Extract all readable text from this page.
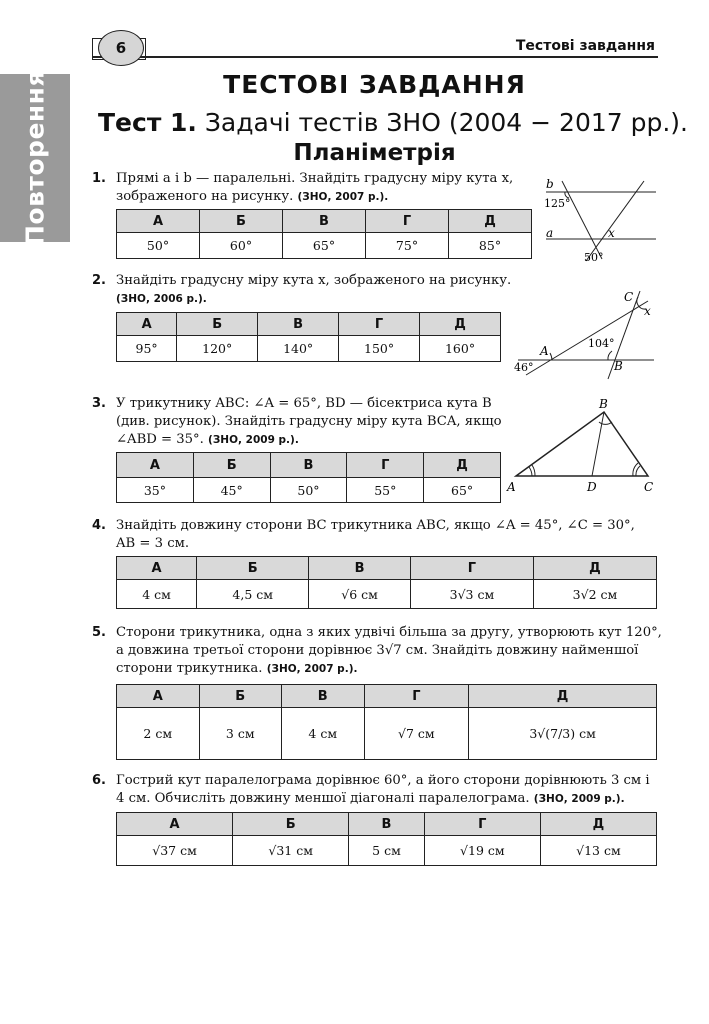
6	Тестові завдання
Повторення	ТЕСТОВІ ЗАВДАННЯ
Тест 1. Задачі тестів ЗНО (2004 − 2017 рр.).
Планіметрія
1. Прямі a і b — паралельні. Знайдіть градусну міру кута x,
зображеного на рисунку. (ЗНО, 2007 р.).
А	Б	В	Г	Д
50°	60°	65°	75°	85°
b
125°
a	x
50°
2. Знайдіть градусну міру кута x, зображеного на рисунку.
(ЗНО, 2006 р.).
А	Б	В	Г	Д
95°	120°	140°	150°	160°
C
x
104°
A
46°	B
3. У трикутнику ABC: ∠A = 65°, BD — бісектриса кута B
(див. рисунок). Знайдіть градусну міру кута BCA, якщо
∠ABD = 35°. (ЗНО, 2009 р.).
А	Б	В	Г	Д
35°	45°	50°	55°	65°
B
A	D	C
4. Знайдіть довжину сторони BC трикутника ABC, якщо ∠A = 45°, ∠C = 30°,
AB = 3 см.
А	Б	В	Г	Д
4 см	4,5 см	√6 см	3√3 см	3√2 см
5. Сторони трикутника, одна з яких удвічі більша за другу, утворюють кут 120°,
а довжина третьої сторони дорівнює 3√7 см. Знайдіть довжину найменшої
сторони трикутника. (ЗНО, 2007 р.).
А	Б	В	Г	Д
2 см	3 см	4 см	√7 см	3√(7/3) см
6. Гострий кут паралелограма дорівнює 60°, а його сторони дорівнюють 3 см і
4 см. Обчисліть довжину меншої діагоналі паралелограма. (ЗНО, 2009 р.).
А	Б	В	Г	Д
√37 см	√31 см	5 см	√19 см	√13 см
